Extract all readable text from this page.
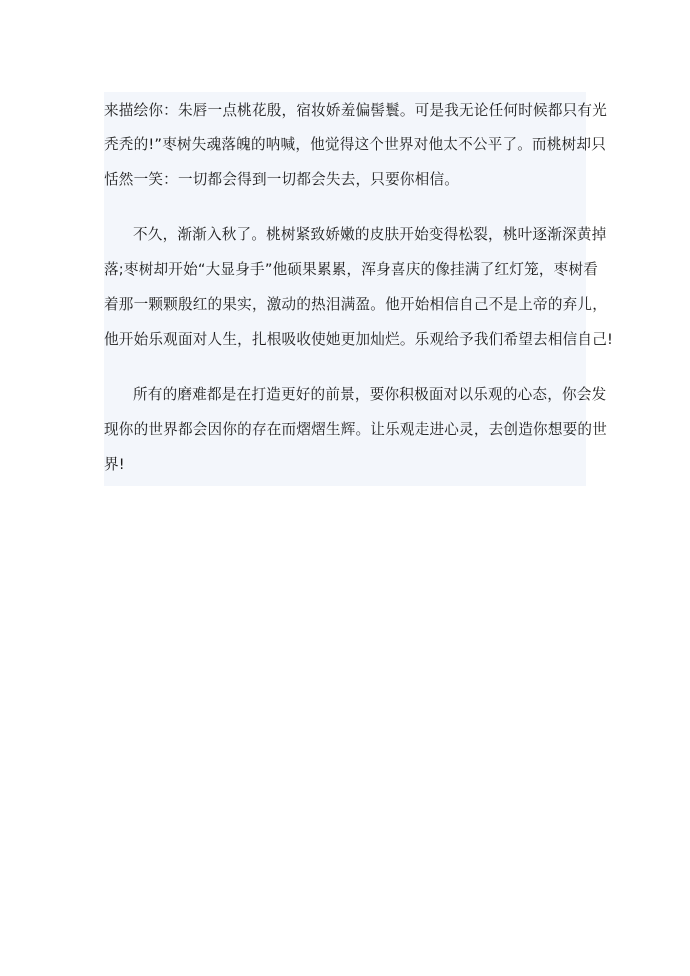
来描绘你：朱唇一点桃花殷，宿妆娇羞偏髻鬟。可是我无论任何时候都只有光
秃秃的!”枣树失魂落魄的呐喊，他觉得这个世界对他太不公平了。而桃树却只
恬然一笑：一切都会得到一切都会失去，只要你相信。
不久，渐渐入秋了。桃树紧致娇嫩的皮肤开始变得松裂，桃叶逐渐深黄掉
落;枣树却开始“大显身手”他硕果累累，浑身喜庆的像挂满了红灯笼，枣树看
着那一颗颗殷红的果实，激动的热泪满盈。他开始相信自己不是上帝的弃儿，
他开始乐观面对人生，扎根吸收使她更加灿烂。乐观给予我们希望去相信自己!
所有的磨难都是在打造更好的前景，要你积极面对以乐观的心态，你会发
现你的世界都会因你的存在而熠熠生辉。让乐观走进心灵，去创造你想要的世
界!
